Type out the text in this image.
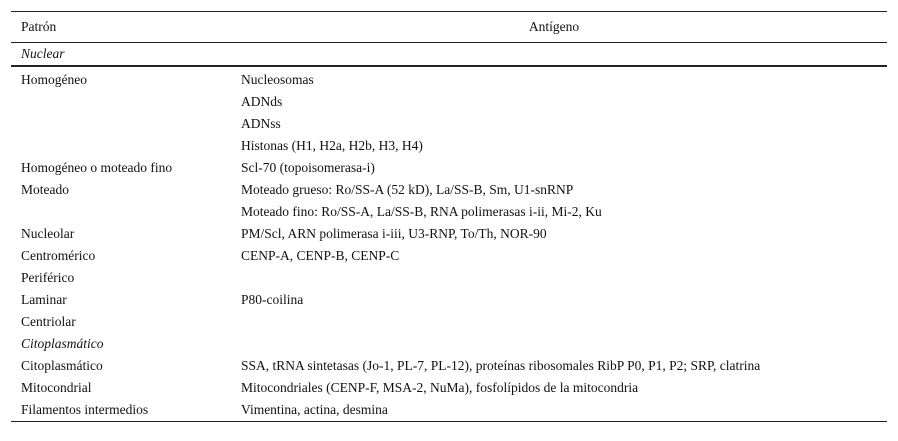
Patrón	Antígeno
Nuclear	

Homogéneo	Nucleosomas
	ADNds
	ADNss
	Histonas (H1, H2a, H2b, H3, H4)
Homogéneo o moteado fino	Scl-70 (topoisomerasa-i)
Moteado	Moteado grueso: Ro/SS-A (52 kD), La/SS-B, Sm, U1-snRNP
	Moteado fino: Ro/SS-A, La/SS-B, RNA polimerasas i-ii, Mi-2, Ku
Nucleolar	PM/Scl, ARN polimerasa i-iii, U3-RNP, To/Th, NOR-90
Centromérico	CENP-A, CENP-B, CENP-C
Periférico	
Laminar	P80-coilina
Centriolar	
Citoplasmático	
Citoplasmático	SSA, tRNA sintetasas (Jo-1, PL-7, PL-12), proteínas ribosomales RibP P0, P1, P2; SRP, clatrina
Mitocondrial	Mitocondriales (CENP-F, MSA-2, NuMa), fosfolípidos de la mitocondria
Filamentos intermedios	Vimentina, actina, desmina
